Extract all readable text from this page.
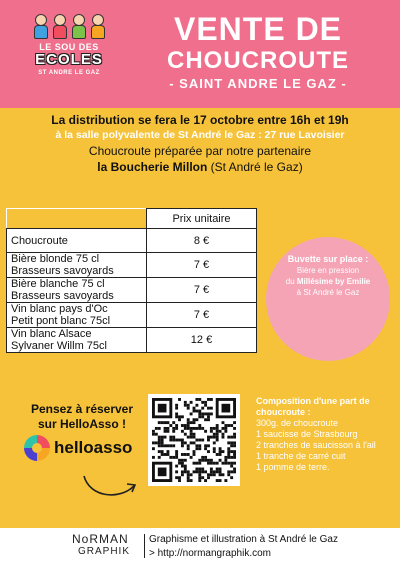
LE SOU DES
ECOLES
ST ANDRE LE GAZ
VENTE DE
CHOUCROUTE
- SAINT ANDRE LE GAZ -
La distribution se fera le 17 octobre entre 16h et 19h
à la salle polyvalente de St André le Gaz : 27 rue Lavoisier
Choucroute préparée par notre partenaire
la Boucherie Millon (St André le Gaz)
	Prix unitaire
Choucroute	8 €
Bière blonde 75 cl
Brasseurs savoyards	7 €
Bière blanche 75 cl
Brasseurs savoyards	7 €
Vin blanc pays d'Oc
Petit pont blanc 75cl	7 €
Vin blanc Alsace
Sylvaner Willm 75cl	12 €
Buvette sur place :
Bière en pression
du Millésime by Emilie
à St André le Gaz
Pensez à réserver
sur HelloAsso !
helloasso
Composition d'une part de choucroute :
300g. de choucroute
1 saucisse de Strasbourg
2 tranches de saucisson à l'ail
1 tranche de carré cuit
1 pomme de terre.
NoRMAN
GRAPHIK
Graphisme et illustration à St André le Gaz
> http://normangraphik.com
